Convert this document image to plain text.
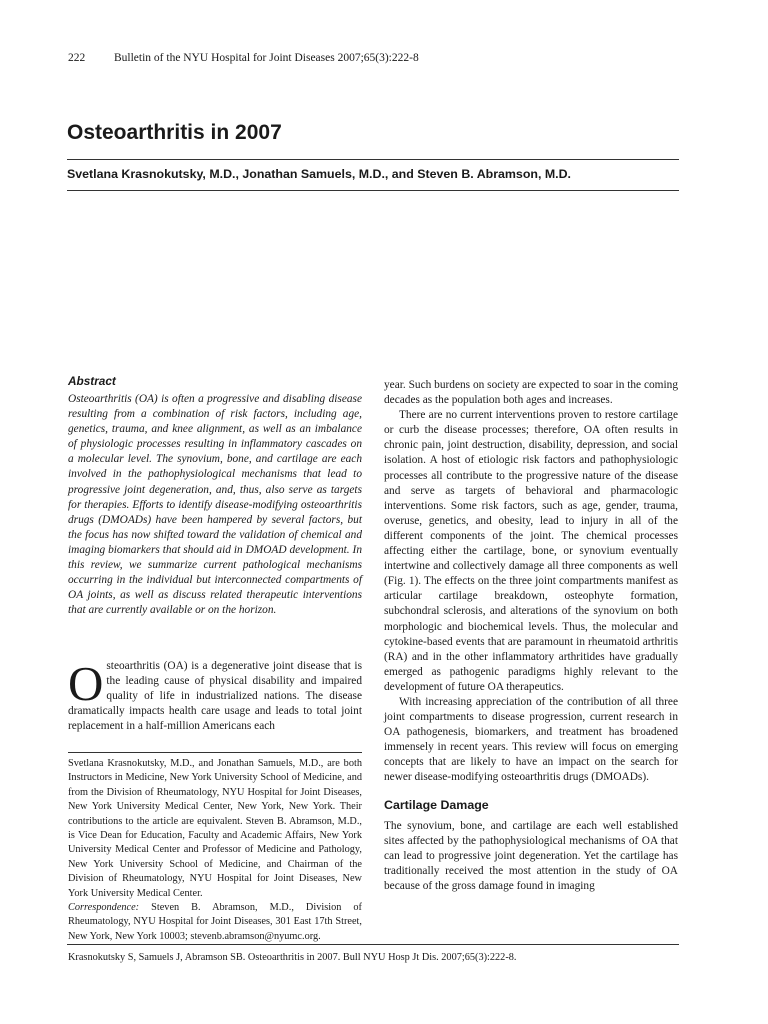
222	Bulletin of the NYU Hospital for Joint Diseases 2007;65(3):222-8
Osteoarthritis in 2007
Svetlana Krasnokutsky, M.D., Jonathan Samuels, M.D., and Steven B. Abramson, M.D.
Abstract
Osteoarthritis (OA) is often a progressive and disabling disease resulting from a combination of risk factors, including age, genetics, trauma, and knee alignment, as well as an imbalance of physiologic processes resulting in inflammatory cascades on a molecular level. The synovium, bone, and cartilage are each involved in the pathophysiological mechanisms that lead to progressive joint degeneration, and, thus, also serve as targets for therapies. Efforts to identify disease-modifying osteoarthritis drugs (DMOADs) have been hampered by several factors, but the focus has now shifted toward the validation of chemical and imaging biomarkers that should aid in DMOAD development. In this review, we summarize current pathological mechanisms occurring in the individual but interconnected compartments of OA joints, as well as discuss related therapeutic interventions that are currently available or on the horizon.
Osteoarthritis (OA) is a degenerative joint disease that is the leading cause of physical disability and impaired quality of life in industrialized nations. The disease dramatically impacts health care usage and leads to total joint replacement in a half-million Americans each

Svetlana Krasnokutsky, M.D., and Jonathan Samuels, M.D., are both Instructors in Medicine, New York University School of Medicine, and from the Division of Rheumatology, NYU Hospital for Joint Diseases, New York University Medical Center, New York, New York. Their contributions to the article are equivalent. Steven B. Abramson, M.D., is Vice Dean for Education, Faculty and Academic Affairs, New York University Medical Center and Professor of Medicine and Pathology, New York University School of Medicine, and Chairman of the Division of Rheumatology, NYU Hospital for Joint Diseases, New York University Medical Center.

Correspondence: Steven B. Abramson, M.D., Division of Rheumatology, NYU Hospital for Joint Diseases, 301 East 17th Street, New York, New York 10003; stevenb.abramson@nyumc.org.

year. Such burdens on society are expected to soar in the coming decades as the population both ages and increases.

There are no current interventions proven to restore cartilage or curb the disease processes; therefore, OA often results in chronic pain, joint destruction, disability, depression, and social isolation. A host of etiologic risk factors and pathophysiologic processes all contribute to the progressive nature of the disease and serve as targets of behavioral and pharmacologic interventions. Some risk factors, such as age, gender, trauma, overuse, genetics, and obesity, lead to injury in all of the different components of the joint. The chemical processes affecting either the cartilage, bone, or synovium eventually intertwine and collectively damage all three components as well (Fig. 1). The effects on the three joint compartments manifest as articular cartilage breakdown, osteophyte formation, subchondral sclerosis, and alterations of the synovium on both morphologic and biochemical levels. Thus, the molecular and cytokine-based events that are paramount in rheumatoid arthritis (RA) and in the other inflammatory arthritides have gradually emerged as pathogenic paradigms highly relevant to the development of future OA therapeutics.

With increasing appreciation of the contribution of all three joint compartments to disease progression, current research in OA pathogenesis, biomarkers, and treatment has broadened immensely in recent years. This review will focus on emerging concepts that are likely to have an impact on the search for newer disease-modifying osteoarthritis drugs (DMOADs).

Cartilage Damage

The synovium, bone, and cartilage are each well established sites affected by the pathophysiological mechanisms of OA that can lead to progressive joint degeneration. Yet the cartilage has traditionally received the most attention in the study of OA because of the gross damage found in imaging

Krasnokutsky S, Samuels J, Abramson SB. Osteoarthritis in 2007. Bull NYU Hosp Jt Dis. 2007;65(3):222-8.
